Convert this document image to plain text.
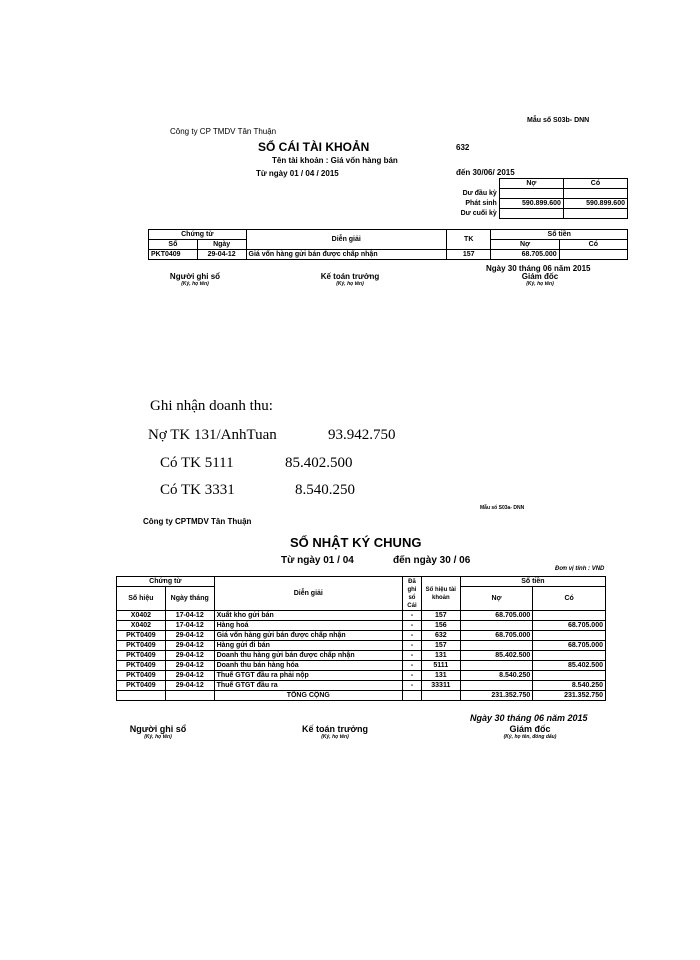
Mẫu số S03b- DNN
Công ty CP TMDV Tân Thuận
SỔ CÁI TÀI KHOẢN	632
Tên tài khoản : Giá vốn hàng bán
Từ ngày 01 / 04 / 2015	đến 30/06/ 2015
	Nợ	Có
Dư đầu kỳ		
Phát sinh	590.899.600	590.899.600
Dư cuối kỳ		
Chứng từ		Diễn giải	TK	Số tiền	
Số	Ngày			Nợ	Có
PKT0409	29-04-12	Giá vốn hàng gửi bán được chấp nhận	157	68.705.000	
Ngày 30 tháng 06 năm 2015
Người ghi sổ
(Ký, họ tên)
Kế toán trưởng
(Ký, họ tên)
Giám đốc
(Ký, họ tên)
Ghi nhận doanh thu:
Nợ TK 131/AnhTuan	93.942.750
Có TK 5111	85.402.500
Có TK 3331	8.540.250
Mẫu số S03a- DNN
Công ty CPTMDV Tân Thuận
SỔ NHẬT KÝ CHUNG
Từ ngày 01 / 04	đến ngày 30 / 06
Đơn vị tính : VND
Chứng từ		Diễn giải	Đã ghi sổ Cái	Số hiệu tài khoản	Số tiền	
Số hiệu	Ngày tháng				Nợ	Có
X0402	17-04-12	Xuất kho gửi bán	-	157	68.705.000	
X0402	17-04-12	Hàng hoá	-	156		68.705.000
PKT0409	29-04-12	Giá vốn hàng gửi bán được chấp nhận	-	632	68.705.000	
PKT0409	29-04-12	Hàng gửi đi bán	-	157		68.705.000
PKT0409	29-04-12	Doanh thu hàng gửi bán được chấp nhận	-	131	85.402.500	
PKT0409	29-04-12	Doanh thu bán hàng hóa	-	5111		85.402.500
PKT0409	29-04-12	Thuế GTGT đầu ra phải nộp	-	131	8.540.250	
PKT0409	29-04-12	Thuế GTGT đầu ra	-	33311		8.540.250
		TỔNG CỘNG			231.352.750	231.352.750
Ngày 30 tháng 06 năm 2015
Người ghi sổ
(Ký, họ tên)
Kế toán trưởng
(Ký, họ tên)
Giám đốc
(Ký, họ tên, đóng dấu)
